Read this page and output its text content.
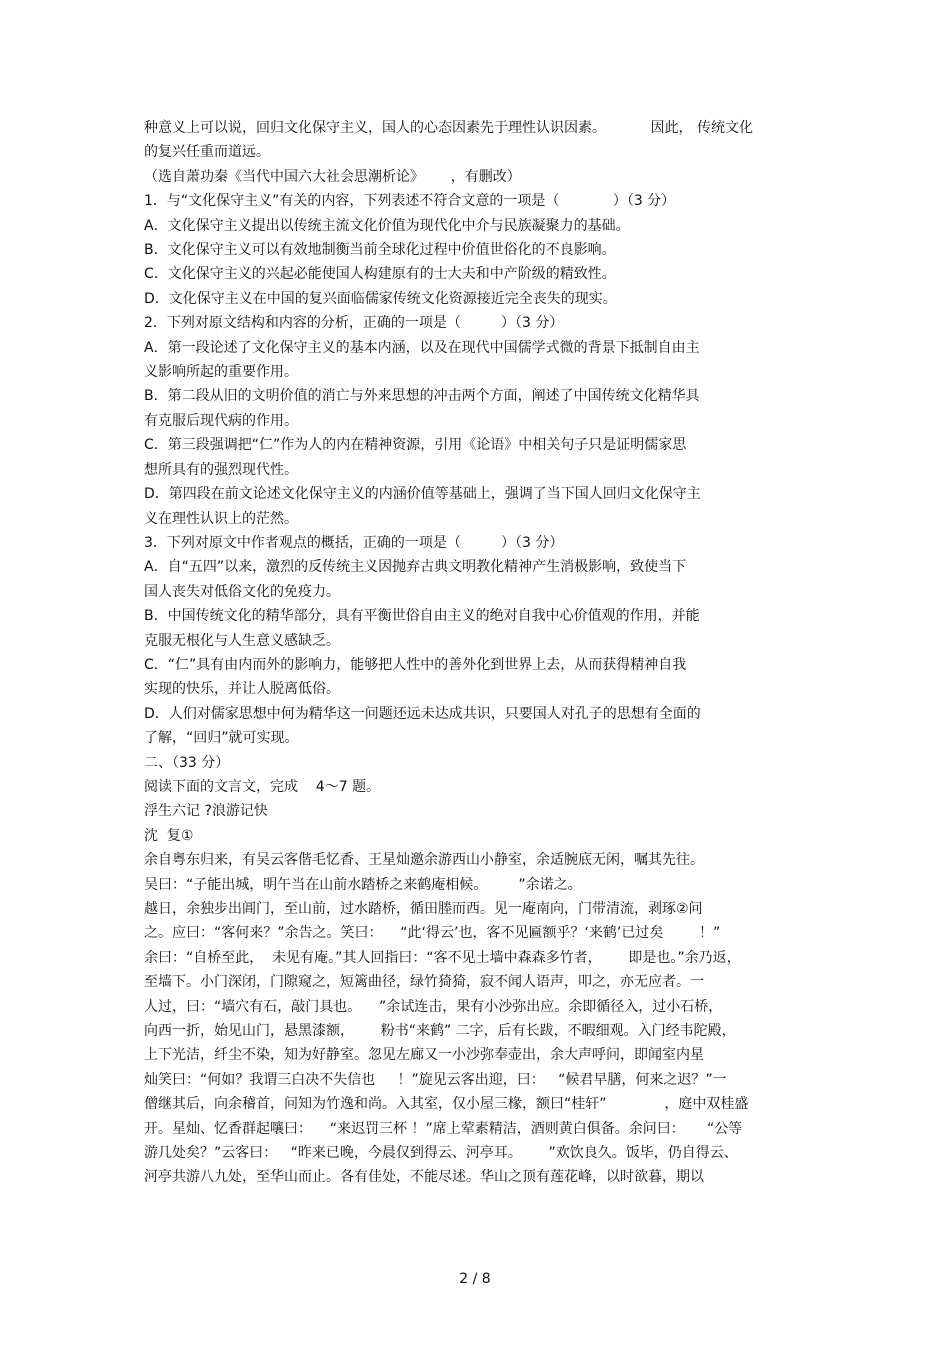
种意义上可以说，回归文化保守主义，国人的心态因素先于理性认识因素。          因此， 传统文化

的复兴任重而道远。

（选自萧功秦《当代中国六大社会思潮析论》      ，有删改）

1．与“文化保守主义”有关的内容，下列表述不符合文意的一项是（            ）（3 分）

A．文化保守主义提出以传统主流文化价值为现代化中介与民族凝聚力的基础。

B．文化保守主义可以有效地制衡当前全球化过程中价值世俗化的不良影响。

C．文化保守主义的兴起必能使国人构建原有的士大夫和中产阶级的精致性。

D．文化保守主义在中国的复兴面临儒家传统文化资源接近完全丧失的现实。

2．下列对原文结构和内容的分析，正确的一项是（         ）（3 分）

A．第一段论述了文化保守主义的基本内涵，以及在现代中国儒学式微的背景下抵制自由主

义影响所起的重要作用。

B．第二段从旧的文明价值的消亡与外来思想的冲击两个方面，阐述了中国传统文化精华具

有克服后现代病的作用。

C．第三段强调把“仁”作为人的内在精神资源，引用《论语》中相关句子只是证明儒家思

想所具有的强烈现代性。

D．第四段在前文论述文化保守主义的内涵价值等基础上，强调了当下国人回归文化保守主

义在理性认识上的茫然。

3．下列对原文中作者观点的概括，正确的一项是（         ）（3 分）

A．自“五四”以来，激烈的反传统主义因抛弃古典文明教化精神产生消极影响，致使当下

国人丧失对低俗文化的免疫力。

B．中国传统文化的精华部分，具有平衡世俗自由主义的绝对自我中心价值观的作用，并能

克服无根化与人生意义感缺乏。

C．“仁”具有由内而外的影响力，能够把人性中的善外化到世界上去，从而获得精神自我

实现的快乐，并让人脱离低俗。

D．人们对儒家思想中何为精华这一问题还远未达成共识，只要国人对孔子的思想有全面的

了解，“回归”就可实现。

二、（33 分）

阅读下面的文言文，完成    4～7 题。

浮生六记 ?浪游记快

沈  复①

余自粤东归来，有吴云客偕毛忆香、王星灿邀余游西山小静室，余适腕底无闲，嘱其先往。

吴曰：“子能出城，明午当在山前水踏桥之来鹤庵相候。       ”余诺之。

越日，余独步出阊门，至山前，过水踏桥，循田塍而西。见一庵南向，门带清流，剥琢②问

之。应曰：“客何来？”余告之。笑曰：    “此‘得云’也，客不见匾额乎？‘来鹤’已过矣        ！”

余曰：“自桥至此，  未见有庵。”其人回指曰：“客不见土墙中森森多竹者，      即是也。”余乃返，

至墙下。小门深闭，门隙窥之，短篱曲径，绿竹猗猗，寂不闻人语声，叩之，亦无应者。一

人过，曰：“墙穴有石，敲门具也。    ”余试连击，果有小沙弥出应。余即循径入，过小石桥，

向西一折，始见山门，悬黑漆额，      粉书“来鹤” 二字，后有长跋，不暇细观。入门经韦陀殿，

上下光洁，纤尘不染，知为好静室。忽见左廊又一小沙弥奉壶出，余大声呼问，即闻室内星

灿笑曰：“何如？我谓三白决不失信也     ！”旋见云客出迎，曰：   “候君早膳，何来之迟？”一

僧继其后，向余稽首，问知为竹逸和尚。入其室，仅小屋三椽，额曰“桂轩”             ，庭中双桂盛

开。星灿、忆香群起嚷曰：    “来迟罚三杯 ！”席上荤素精洁，酒则黄白俱备。余问曰：     “公等

游几处矣？”云客曰：   “昨来已晚，今晨仅到得云、河亭耳。      ”欢饮良久。饭毕，仍自得云、

河亭共游八九处，至华山而止。各有佳处，不能尽述。华山之顶有莲花峰，以时欲暮，期以

2 / 8
